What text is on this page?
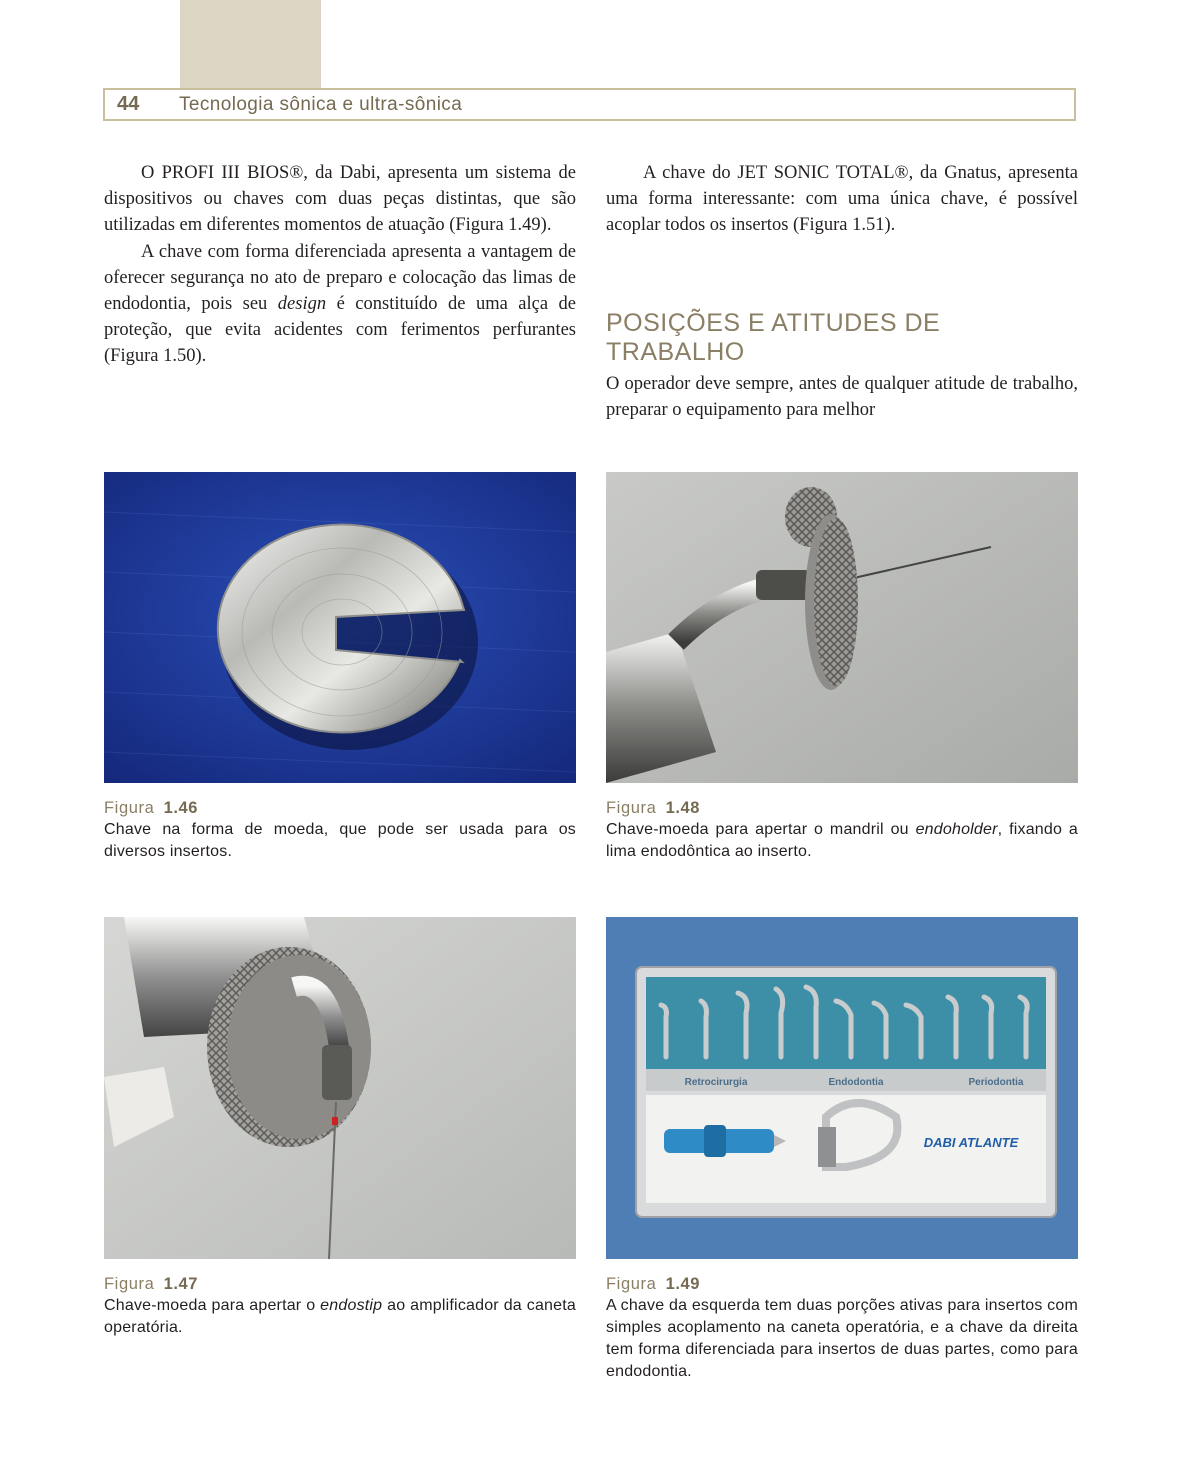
44	Tecnologia sônica e ultra-sônica

O PROFI III BIOS®, da Dabi, apresenta um sistema de dispositivos ou chaves com duas peças distintas, que são utilizadas em diferentes momentos de atuação (Figura 1.49).

A chave com forma diferenciada apresenta a vantagem de oferecer segurança no ato de preparo e colocação das limas de endodontia, pois seu design é constituído de uma alça de proteção, que evita acidentes com ferimentos perfurantes (Figura 1.50).

A chave do JET SONIC TOTAL®, da Gnatus, apresenta uma forma interessante: com uma única chave, é possível acoplar todos os insertos (Figura 1.51).

POSIÇÕES E ATITUDES DE TRABALHO

O operador deve sempre, antes de qualquer atitude de trabalho, preparar o equipamento para melhor

Figura 1.46

Chave na forma de moeda, que pode ser usada para os diversos insertos.

Figura 1.48

Chave-moeda para apertar o mandril ou endoholder, fixando a lima endodôntica ao inserto.

Figura 1.47

Chave-moeda para apertar o endostip ao amplificador da caneta operatória.

Retrocirurgia	Endodontia	Periodontia
DABI ATLANTE
Figura 1.49

A chave da esquerda tem duas porções ativas para insertos com simples acoplamento na caneta operatória, e a chave da direita tem forma diferenciada para insertos de duas partes, como para endodontia.
